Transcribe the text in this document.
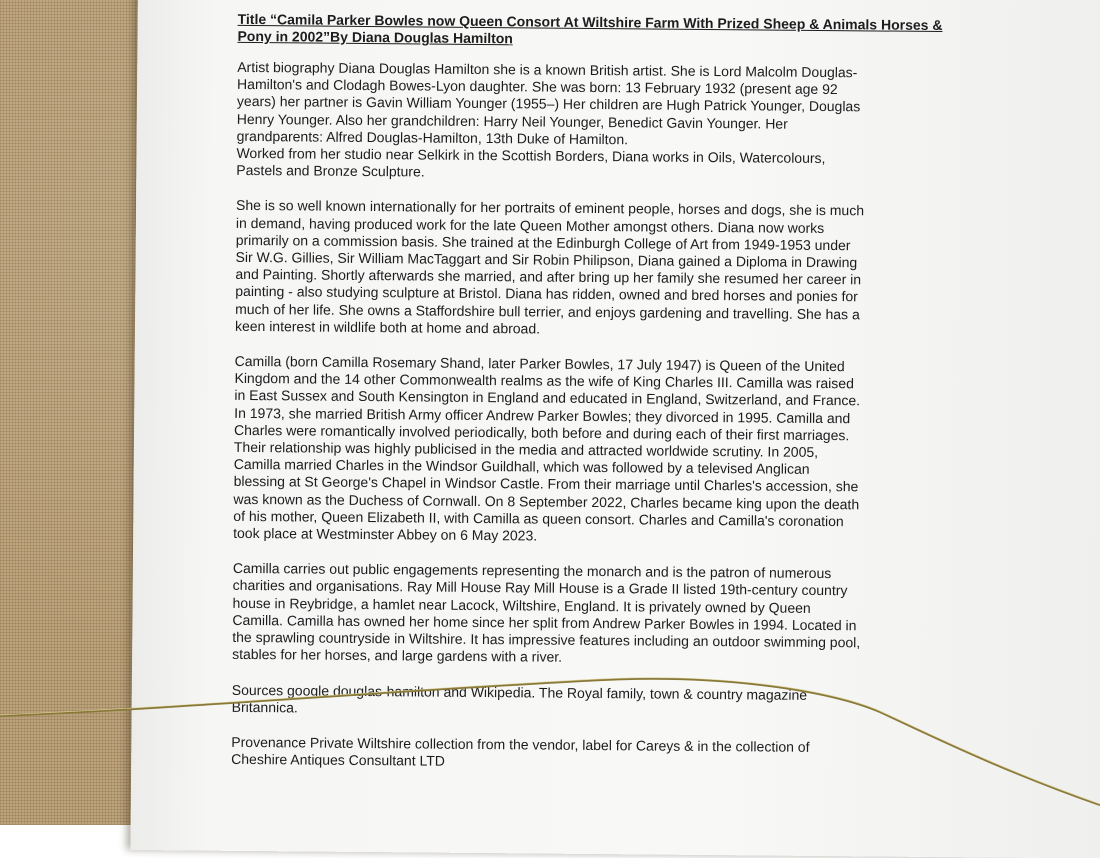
Title “Camila Parker Bowles now Queen Consort At Wiltshire Farm With Prized Sheep & Animals Horses & Pony in 2002”By Diana Douglas Hamilton
Artist biography Diana Douglas Hamilton she is a known British artist. She is Lord Malcolm Douglas-
Hamilton's and Clodagh Bowes-Lyon daughter. She was born: 13 February 1932 (present age 92
years) her partner is Gavin William Younger (1955–) Her children are Hugh Patrick Younger, Douglas
Henry Younger. Also her grandchildren: Harry Neil Younger, Benedict Gavin Younger. Her
grandparents: Alfred Douglas-Hamilton, 13th Duke of Hamilton.
Worked from her studio near Selkirk in the Scottish Borders, Diana works in Oils, Watercolours,
Pastels and Bronze Sculpture.
She is so well known internationally for her portraits of eminent people, horses and dogs, she is much
in demand, having produced work for the late Queen Mother amongst others. Diana now works
primarily on a commission basis. She trained at the Edinburgh College of Art from 1949-1953 under
Sir W.G. Gillies, Sir William MacTaggart and Sir Robin Philipson, Diana gained a Diploma in Drawing
and Painting. Shortly afterwards she married, and after bring up her family she resumed her career in
painting - also studying sculpture at Bristol. Diana has ridden, owned and bred horses and ponies for
much of her life. She owns a Staffordshire bull terrier, and enjoys gardening and travelling. She has a
keen interest in wildlife both at home and abroad.
Camilla (born Camilla Rosemary Shand, later Parker Bowles, 17 July 1947) is Queen of the United
Kingdom and the 14 other Commonwealth realms as the wife of King Charles III. Camilla was raised
in East Sussex and South Kensington in England and educated in England, Switzerland, and France.
In 1973, she married British Army officer Andrew Parker Bowles; they divorced in 1995. Camilla and
Charles were romantically involved periodically, both before and during each of their first marriages.
Their relationship was highly publicised in the media and attracted worldwide scrutiny. In 2005,
Camilla married Charles in the Windsor Guildhall, which was followed by a televised Anglican
blessing at St George's Chapel in Windsor Castle. From their marriage until Charles's accession, she
was known as the Duchess of Cornwall. On 8 September 2022, Charles became king upon the death
of his mother, Queen Elizabeth II, with Camilla as queen consort. Charles and Camilla's coronation
took place at Westminster Abbey on 6 May 2023.
Camilla carries out public engagements representing the monarch and is the patron of numerous
charities and organisations. Ray Mill House Ray Mill House is a Grade II listed 19th-century country
house in Reybridge, a hamlet near Lacock, Wiltshire, England. It is privately owned by Queen
Camilla. Camilla has owned her home since her split from Andrew Parker Bowles in 1994. Located in
the sprawling countryside in Wiltshire. It has impressive features including an outdoor swimming pool,
stables for her horses, and large gardens with a river.
Sources google douglas-hamilton and Wikipedia. The Royal family, town & country magazine
Britannica.
Provenance Private Wiltshire collection from the vendor, label for Careys & in the collection of
Cheshire Antiques Consultant LTD
